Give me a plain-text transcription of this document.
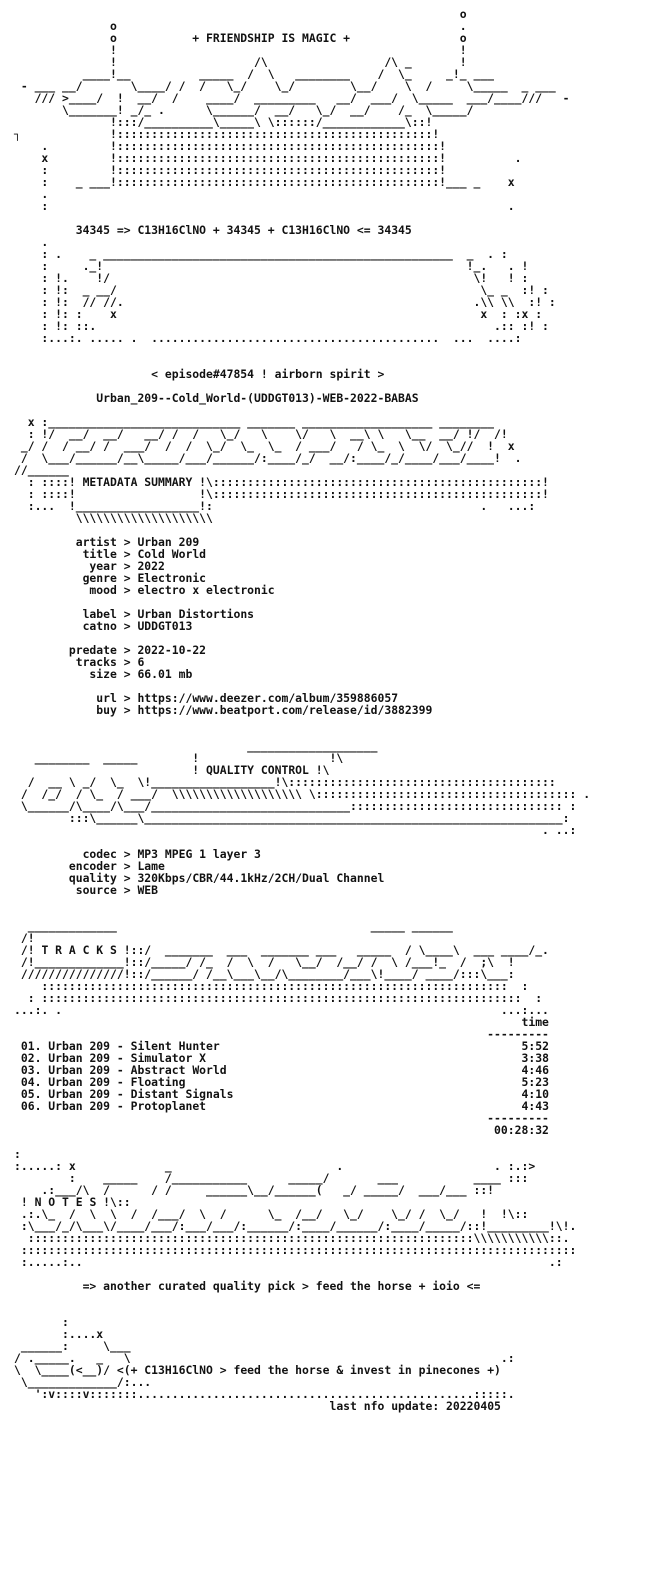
o
o                                                  .
o           + FRIENDSHIP IS MAGIC +                o
!                                                  !
!                    /\                 /\ _       !
____!__          _____  /  \   ________    /  \_     _!_ ___
- ___ __/       \____/ /  /   \_/    \_/        \__/    \  /     \_____  _ ___
/// >____/  !  __/  /    ____/  _________   __/  ___/  \_____  ___/____///   -
\_______! _/_ .      \______/  __/   \_/  __/    /_  \_____/
!:::/__________\_____\ \::::::/____________\::!
┐             !::::::::::::::::::::::::::::::::::::::::::::::!
.         !:::::::::::::::::::::::::::::::::::::::::::::::!
x         !:::::::::::::::::::::::::::::::::::::::::::::::!          .
:         !:::::::::::::::::::::::::::::::::::::::::::::::!
:    _ ___!:::::::::::::::::::::::::::::::::::::::::::::::!___ _    x
.
:                                                                   .

34345 => C13H16ClNO + 34345 + C13H16ClNO <= 34345

.
: .    _ ___________________________________________________  _  . :
:     ._!                                                     !_.   . !
: !.    !/                                                     \!   ! :
: !:  _ __/                                                     \_ _  :! :
: !:  // //.                                                   .\\ \\  :! :
: !: :    x                                                     x  : :x :
: !: ::.                                                          .:: :! :
:...:. ..... .  ..........................................  ...  ....:

< episode#47854 ! airborn spirit >

Urban_209--Cold_World-(UDDGT013)-WEB-2022-BABAS

x :____________________________ _______ ___________________ ________
: !/  __/  __/   __/ /  /   \_/   \    \/   \  __\ \   \__  __/ !/  /!
_/ /  / __/ /  ___/  /  /  \_/  \_  \_  / ___/   / \_  \  \/  \_//  !  x
/  \___/______/__\_____/___/______/:____/_/  __/:____/_/____/___/____!  .
//______
: ::::! METADATA SUMMARY !\::::::::::::::::::::::::::::::::::::::::::::::::!

: ::::!                  !\::::::::::::::::::::::::::::::::::::::::::::::::!
:...  !__________________!:                                       .   ...:
\\\\\\\\\\\\\\\\\\\\

artist > Urban 209
title > Cold World
year > 2022
genre > Electronic
mood > electro x electronic

label > Urban Distortions
catno > UDDGT013

predate > 2022-10-22
tracks > 6
size > 66.01 mb

url > https://www.deezer.com/album/359886057
buy > https://www.beatport.com/release/id/3882399

___________________
________  _____        !                   !\
! QUALITY CONTROL !\

/  __ \ _/  \_  \!__________________!\:::::::::::::::::::::::::::::::::::::::
/  /_/  / \_  / ___/  \\\\\\\\\\\\\\\\\\\ \:::::::::::::::::::::::::::::::::::::: .
\______/\____/\___/_____________________________::::::::::::::::::::::::::::::: :
:::\______\_____________________________________________________________:
. ..:

codec > MP3 MPEG 1 layer 3
encoder > Lame
quality > 320Kbps/CBR/44.1kHz/2CH/Dual Channel
source > WEB

_____________                                     _____ ______
/!
/! T R A C K S !::/  _______  ___  _______ ___   _____  / \____\  ___ ____/_.
/!_____________!::/_____/ /_  /  \  /   \__/  /__/ /  \ /___!_  /  ;\  !
///////////////!::/______/ /__\___\__/\________/___\!____/ ____/:::\___:
::::::::::::::::::::::::::::::::::::::::::::::::::::::::::::::::::::  :
: ::::::::::::::::::::::::::::::::::::::::::::::::::::::::::::::::::::::  :
...:. .                                                                ...:...

time
---------
01. Urban 209 - Silent Hunter	5:52
02. Urban 209 - Simulator X	3:38
03. Urban 209 - Abstract World	4:46
04. Urban 209 - Floating	5:23
05. Urban 209 - Distant Signals	4:10
06. Urban 209 - Protoplanet	4:43
---------
00:28:32

:
:.....: x             _                        .                      . :.:>
:    _____    /___________      _____/       ___           ____ :::
.:___/\  /      / /     ______\__/______(   _/ _____/  ___/___ ::!
! N O T E S !\::
.:.\_  /  \  \  /  /___/  \  /      \_  /__/   \_/    \_/ /  \_/   !  !\::
:\___/_/\___\/____/___/:___/___/:______/:____/______/:____/_____/::!_________!\!.
:::::::::::::::::::::::::::::::::::::::::::::::::::::::::::::::::\\\\\\\\\\\::.
:::::::::::::::::::::::::::::::::::::::::::::::::::::::::::::::::::::::::::::::::
:.....:..                                                                    .:

=> another curated quality pick > feed the horse + ioio <=

:
:....x
______:     \___
/ ._____.   _   \                                                      .:

\  \____(<__)/ <(+ C13H16ClNO > feed the horse & invest in pinecones +)

\_____________/:...
':v::::v:::::::.................................................:::::.
last nfo update: 20220405
